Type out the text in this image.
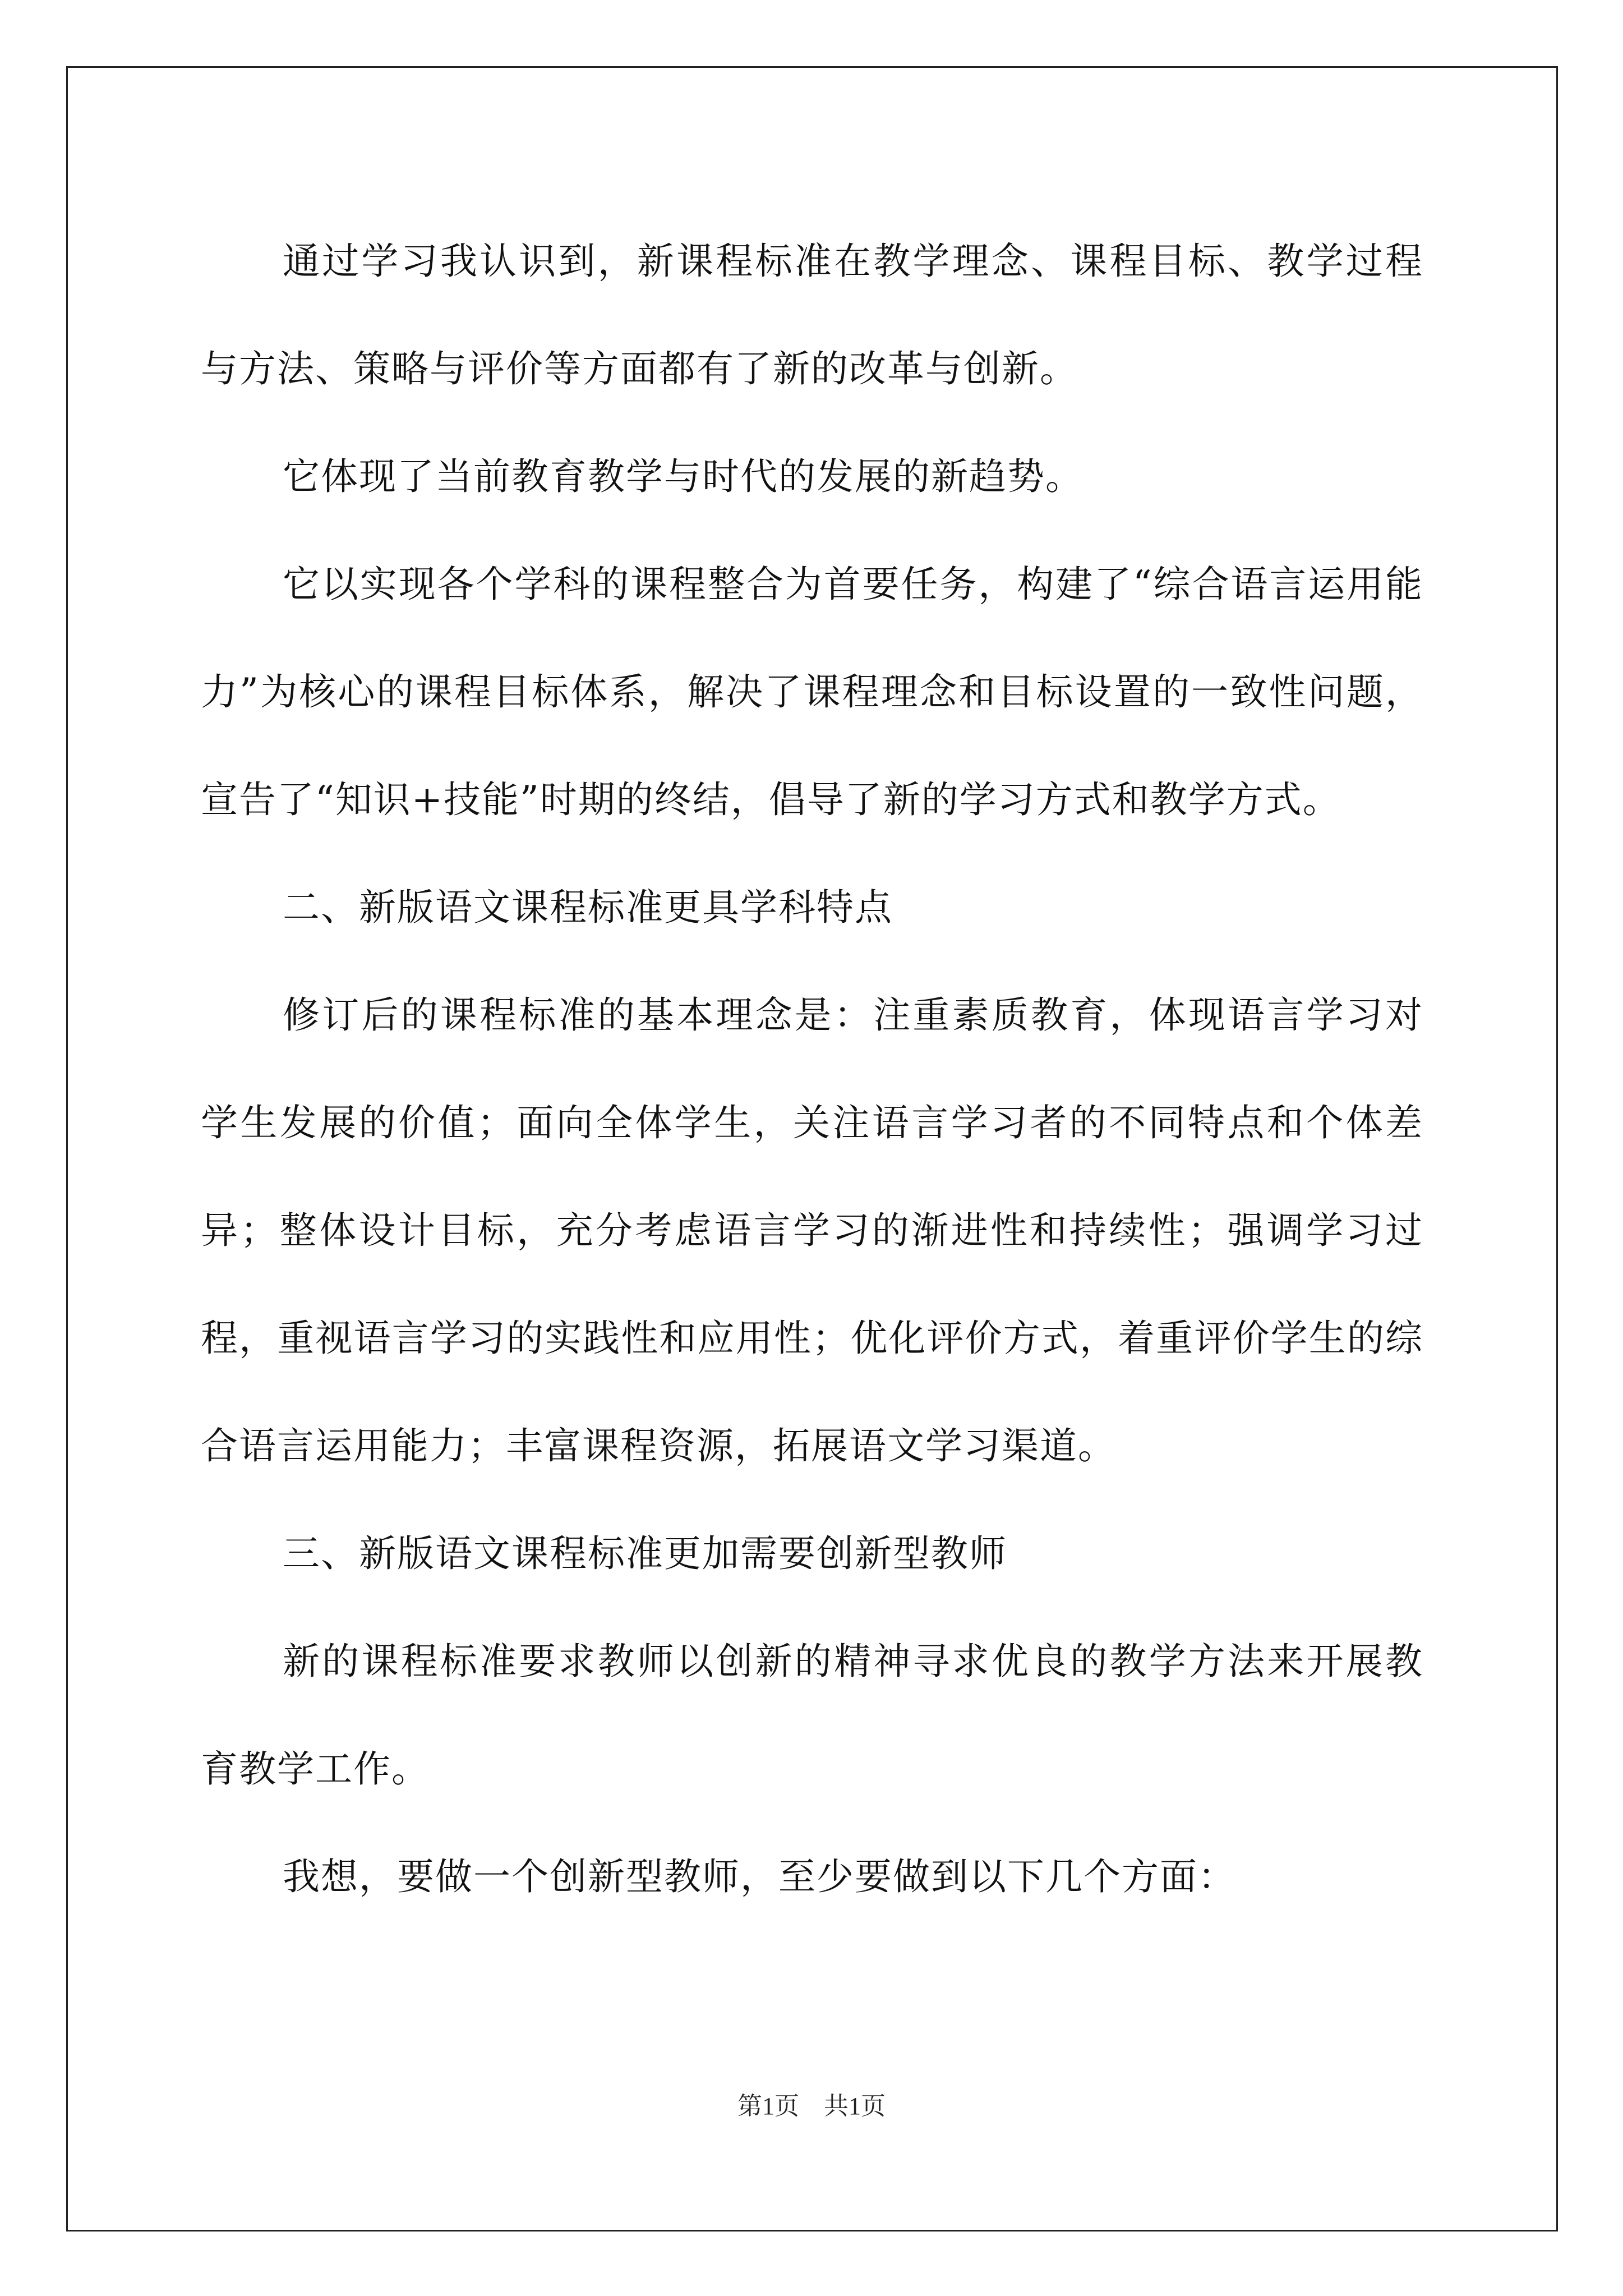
通过学习我认识到，新课程标准在教学理念、课程目标、教学过程与方法、策略与评价等方面都有了新的改革与创新。

它体现了当前教育教学与时代的发展的新趋势。

它以实现各个学科的课程整合为首要任务，构建了“综合语言运用能力”为核心的课程目标体系，解决了课程理念和目标设置的一致性问题，宣告了“知识+技能”时期的终结，倡导了新的学习方式和教学方式。

二、新版语文课程标准更具学科特点

修订后的课程标准的基本理念是：注重素质教育，体现语言学习对学生发展的价值；面向全体学生，关注语言学习者的不同特点和个体差异；整体设计目标，充分考虑语言学习的渐进性和持续性；强调学习过程，重视语言学习的实践性和应用性；优化评价方式，着重评价学生的综合语言运用能力；丰富课程资源，拓展语文学习渠道。

三、新版语文课程标准更加需要创新型教师

新的课程标准要求教师以创新的精神寻求优良的教学方法来开展教育教学工作。

我想，要做一个创新型教师，至少要做到以下几个方面：

第1页　共1页
